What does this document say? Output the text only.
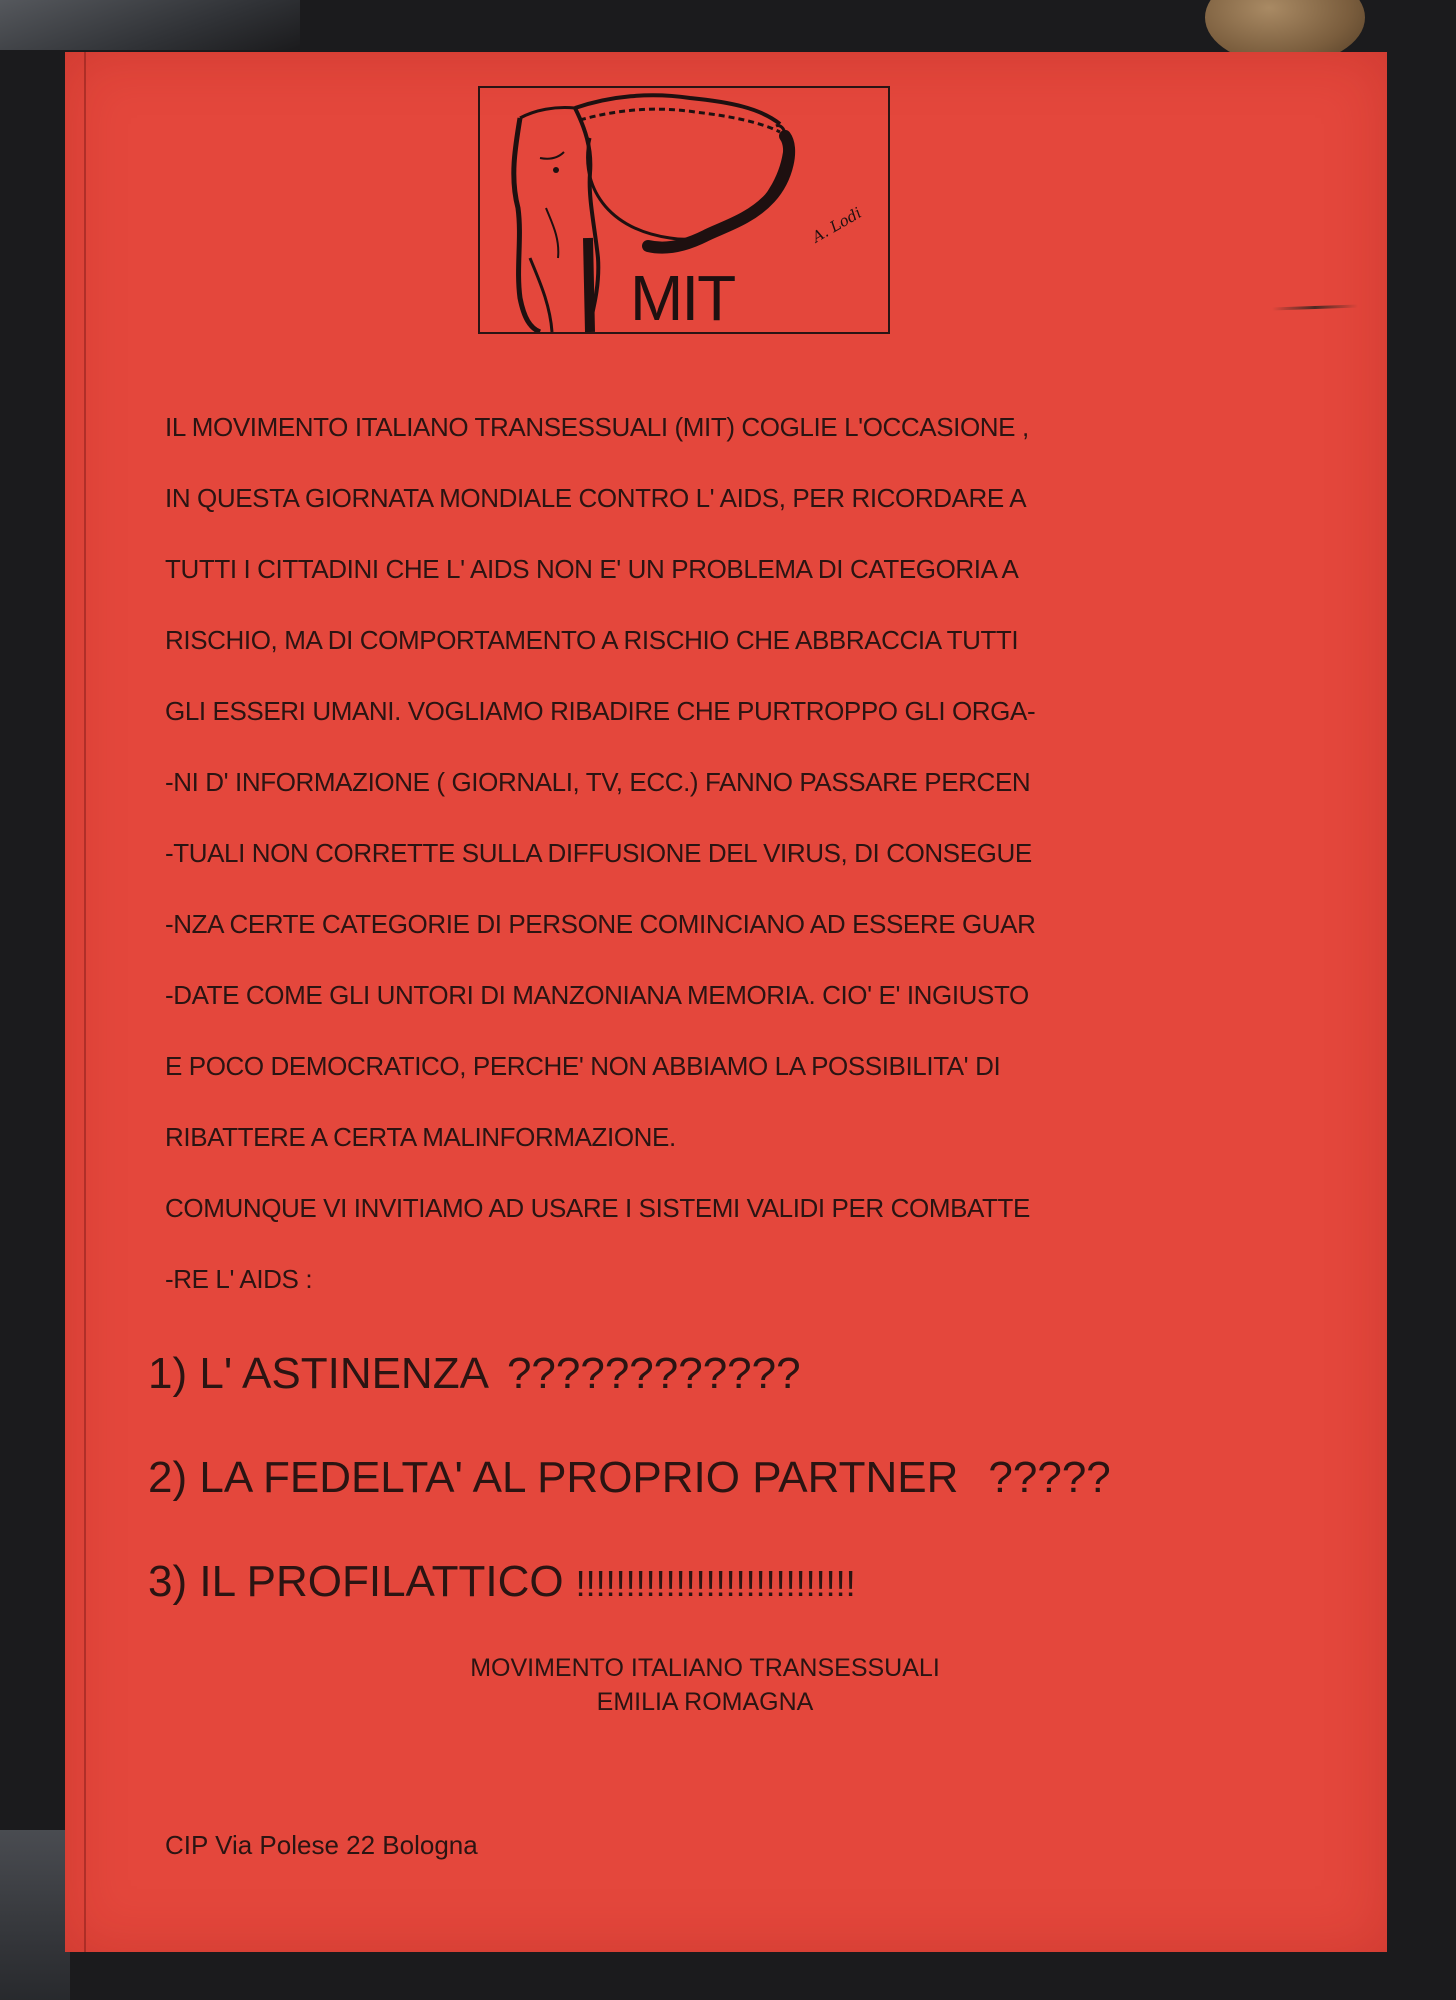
MIT
A. Lodi
IL MOVIMENTO ITALIANO TRANSESSUALI (MIT) COGLIE L'OCCASIONE ,
IN QUESTA GIORNATA MONDIALE CONTRO L' AIDS, PER RICORDARE A
TUTTI I CITTADINI CHE L' AIDS NON E' UN PROBLEMA DI CATEGORIA A
RISCHIO, MA DI COMPORTAMENTO A RISCHIO CHE ABBRACCIA TUTTI
GLI ESSERI UMANI. VOGLIAMO RIBADIRE CHE PURTROPPO GLI ORGA-
-NI D' INFORMAZIONE ( GIORNALI, TV, ECC.) FANNO PASSARE PERCEN
-TUALI NON CORRETTE SULLA DIFFUSIONE DEL VIRUS, DI CONSEGUE
-NZA CERTE CATEGORIE DI PERSONE COMINCIANO AD ESSERE GUAR
-DATE COME GLI UNTORI DI MANZONIANA MEMORIA. CIO' E' INGIUSTO
E POCO DEMOCRATICO, PERCHE' NON ABBIAMO LA POSSIBILITA' DI
RIBATTERE A CERTA MALINFORMAZIONE.
COMUNQUE VI INVITIAMO AD USARE I SISTEMI VALIDI PER COMBATTE
-RE L' AIDS :
1) L' ASTINENZA ????????????
2) LA FEDELTA' AL PROPRIO PARTNER ?????
3) IL PROFILATTICO !!!!!!!!!!!!!!!!!!!!!!!!!!!!
MOVIMENTO ITALIANO TRANSESSUALI
EMILIA ROMAGNA
CIP Via Polese 22 Bologna
